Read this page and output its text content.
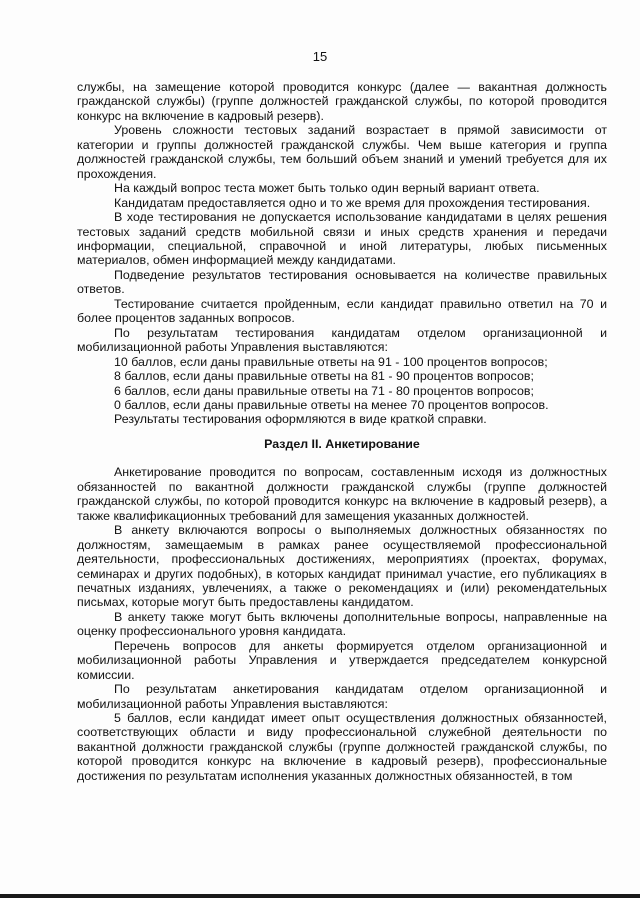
15

службы, на замещение которой проводится конкурс (далее — вакантная должность гражданской службы) (группе должностей гражданской службы, по которой проводится конкурс на включение в кадровый резерв).

Уровень сложности тестовых заданий возрастает в прямой зависимости от категории и группы должностей гражданской службы. Чем выше категория и группа должностей гражданской службы, тем больший объем знаний и умений требуется для их прохождения.

На каждый вопрос теста может быть только один верный вариант ответа.

Кандидатам предоставляется одно и то же время для прохождения тестирования.

В ходе тестирования не допускается использование кандидатами в целях решения тестовых заданий средств мобильной связи и иных средств хранения и передачи информации, специальной, справочной и иной литературы, любых письменных материалов, обмен информацией между кандидатами.

Подведение результатов тестирования основывается на количестве правильных ответов.

Тестирование считается пройденным, если кандидат правильно ответил на 70 и более процентов заданных вопросов.

По результатам тестирования кандидатам отделом организационной и мобилизационной работы Управления выставляются:

10 баллов, если даны правильные ответы на 91 - 100 процентов вопросов;

8 баллов, если даны правильные ответы на 81 - 90 процентов вопросов;

6 баллов, если даны правильные ответы на 71 - 80 процентов вопросов;

0 баллов, если даны правильные ответы на менее 70 процентов вопросов.

Результаты тестирования оформляются в виде краткой справки.

Раздел II. Анкетирование

Анкетирование проводится по вопросам, составленным исходя из должностных обязанностей по вакантной должности гражданской службы (группе должностей гражданской службы, по которой проводится конкурс на включение в кадровый резерв), а также квалификационных требований для замещения указанных должностей.

В анкету включаются вопросы о выполняемых должностных обязанностях по должностям, замещаемым в рамках ранее осуществляемой профессиональной деятельности, профессиональных достижениях, мероприятиях (проектах, форумах, семинарах и других подобных), в которых кандидат принимал участие, его публикациях в печатных изданиях, увлечениях, а также о рекомендациях и (или) рекомендательных письмах, которые могут быть предоставлены кандидатом.

В анкету также могут быть включены дополнительные вопросы, направленные на оценку профессионального уровня кандидата.

Перечень вопросов для анкеты формируется отделом организационной и мобилизационной работы Управления и утверждается председателем конкурсной комиссии.

По результатам анкетирования кандидатам отделом организационной и мобилизационной работы Управления выставляются:

5 баллов, если кандидат имеет опыт осуществления должностных обязанностей, соответствующих области и виду профессиональной служебной деятельности по вакантной должности гражданской службы (группе должностей гражданской службы, по которой проводится конкурс на включение в кадровый резерв), профессиональные достижения по результатам исполнения указанных должностных обязанностей, в том
